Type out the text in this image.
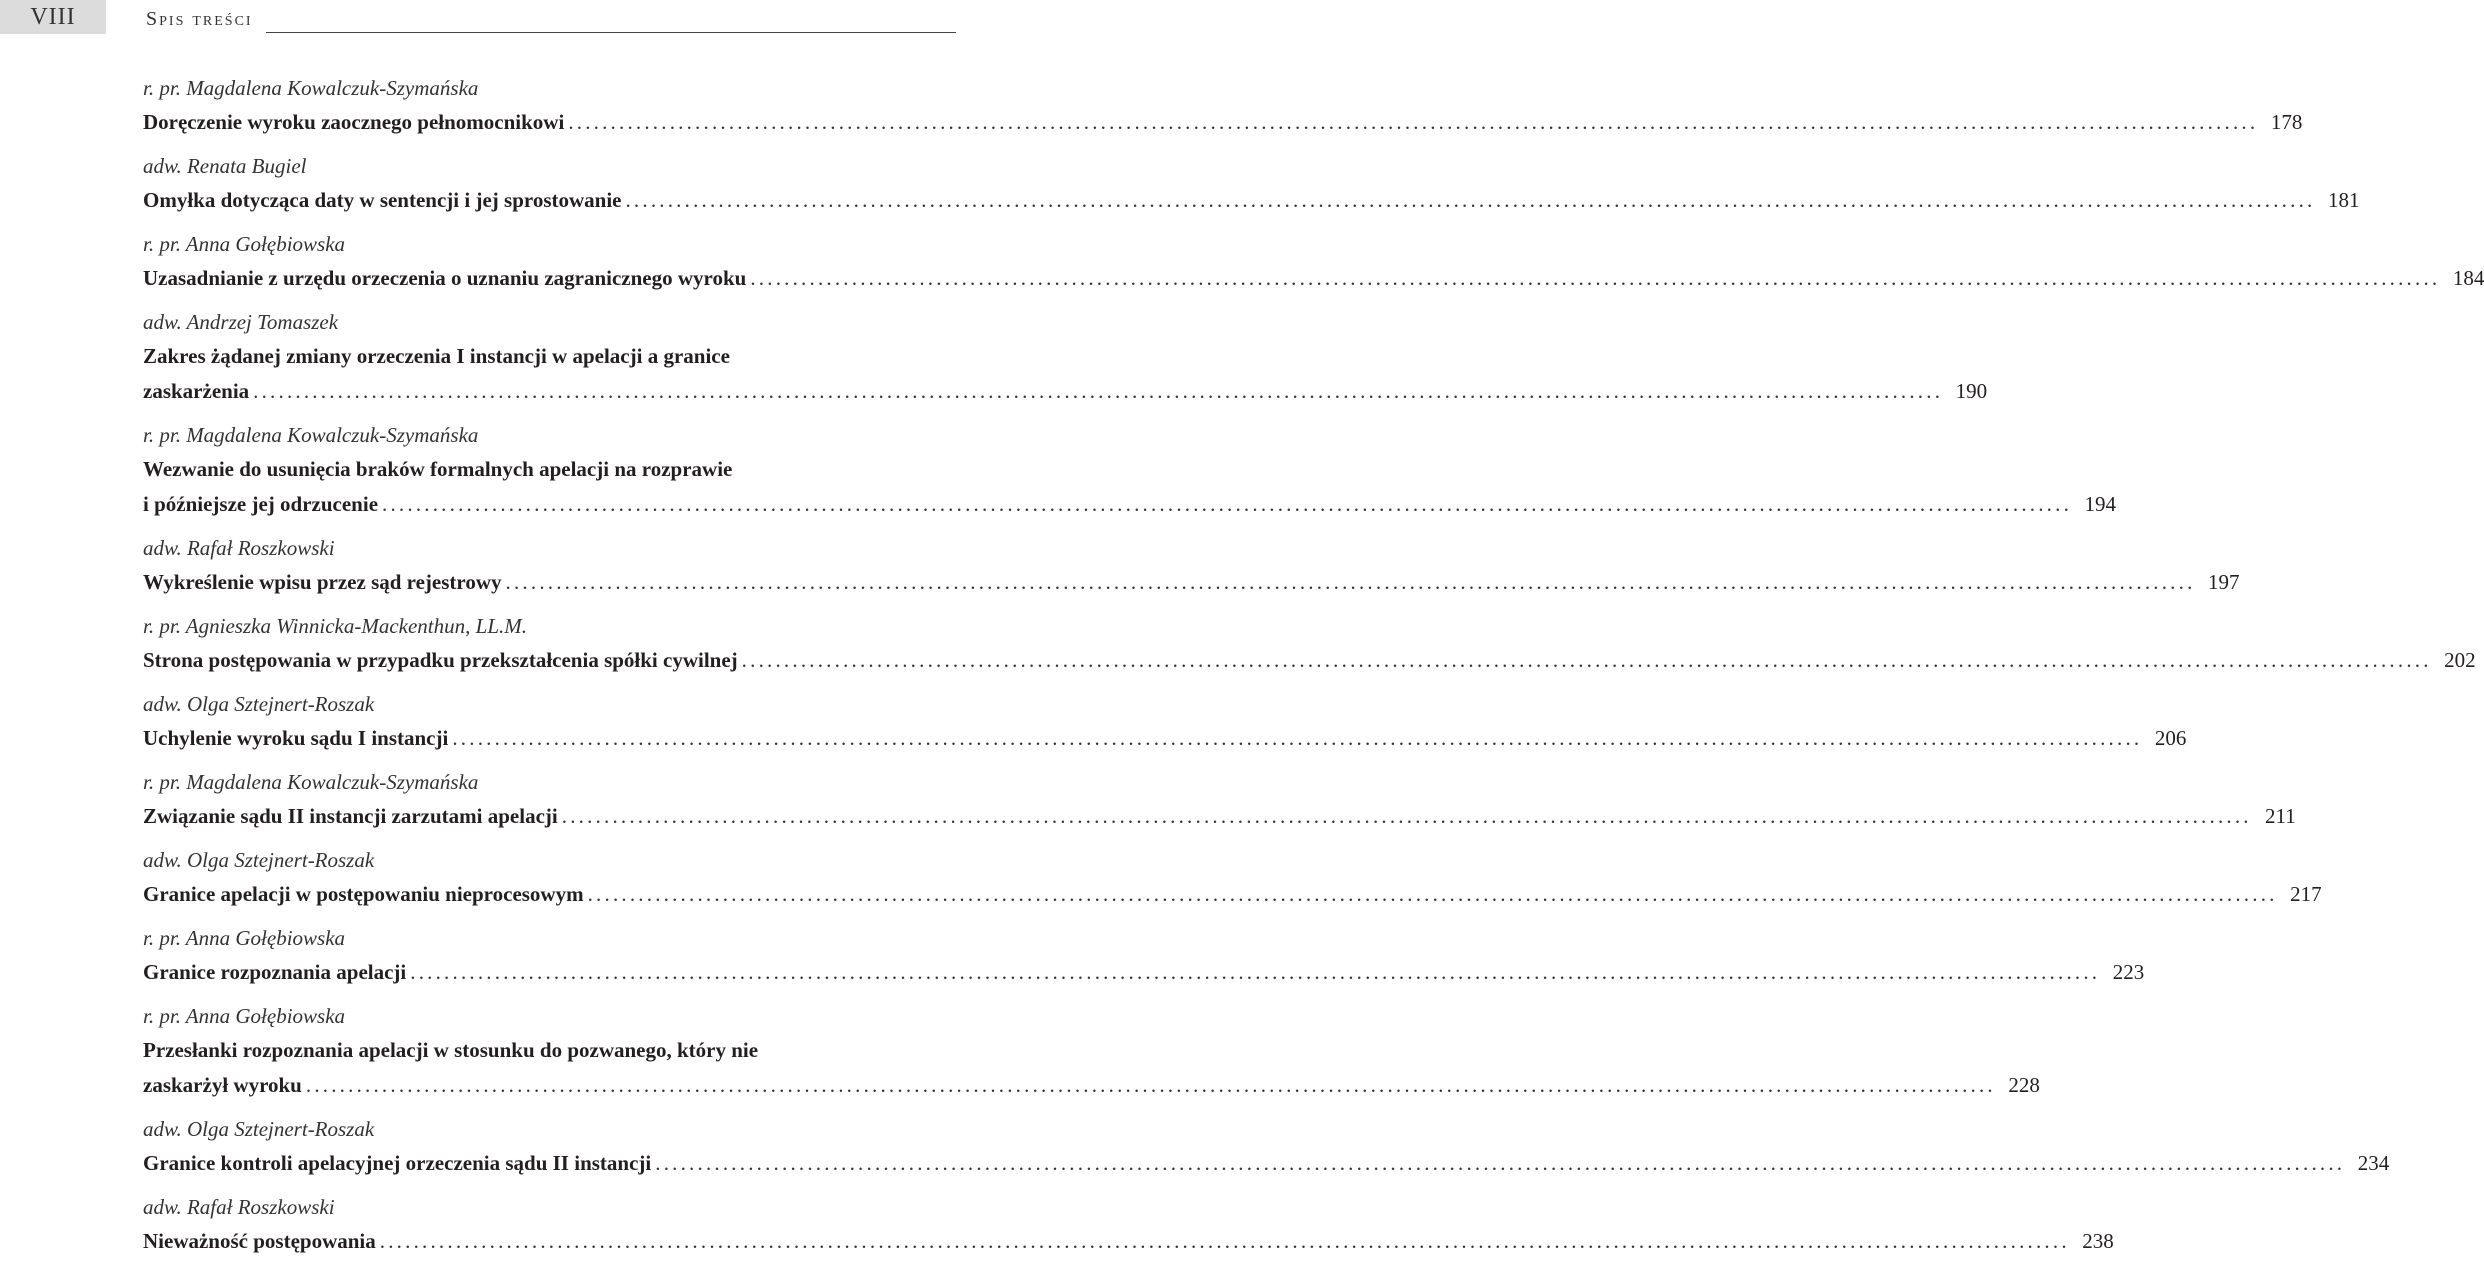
VIII	Spis treści
r. pr. Magdalena Kowalczuk-Szymańska
Doręczenie wyroku zaocznego pełnomocnikowi ........................................................................................................................................................................................................ 178
adw. Renata Bugiel
Omyłka dotycząca daty w sentencji i jej sprostowanie ........................................................................................................................................................................................................ 181
r. pr. Anna Gołębiowska
Uzasadnianie z urzędu orzeczenia o uznaniu zagranicznego wyroku ........................................................................................................................................................................................................ 184
adw. Andrzej Tomaszek
Zakres żądanej zmiany orzeczenia I instancji w apelacji a granice
zaskarżenia ........................................................................................................................................................................................................ 190
r. pr. Magdalena Kowalczuk-Szymańska
Wezwanie do usunięcia braków formalnych apelacji na rozprawie
i późniejsze jej odrzucenie ........................................................................................................................................................................................................ 194
adw. Rafał Roszkowski
Wykreślenie wpisu przez sąd rejestrowy ........................................................................................................................................................................................................ 197
r. pr. Agnieszka Winnicka-Mackenthun, LL.M.
Strona postępowania w przypadku przekształcenia spółki cywilnej ........................................................................................................................................................................................................ 202
adw. Olga Sztejnert-Roszak
Uchylenie wyroku sądu I instancji ........................................................................................................................................................................................................ 206
r. pr. Magdalena Kowalczuk-Szymańska
Związanie sądu II instancji zarzutami apelacji ........................................................................................................................................................................................................ 211
adw. Olga Sztejnert-Roszak
Granice apelacji w postępowaniu nieprocesowym ........................................................................................................................................................................................................ 217
r. pr. Anna Gołębiowska
Granice rozpoznania apelacji ........................................................................................................................................................................................................ 223
r. pr. Anna Gołębiowska
Przesłanki rozpoznania apelacji w stosunku do pozwanego, który nie
zaskarżył wyroku ........................................................................................................................................................................................................ 228
adw. Olga Sztejnert-Roszak
Granice kontroli apelacyjnej orzeczenia sądu II instancji ........................................................................................................................................................................................................ 234
adw. Rafał Roszkowski
Nieważność postępowania ........................................................................................................................................................................................................ 238
